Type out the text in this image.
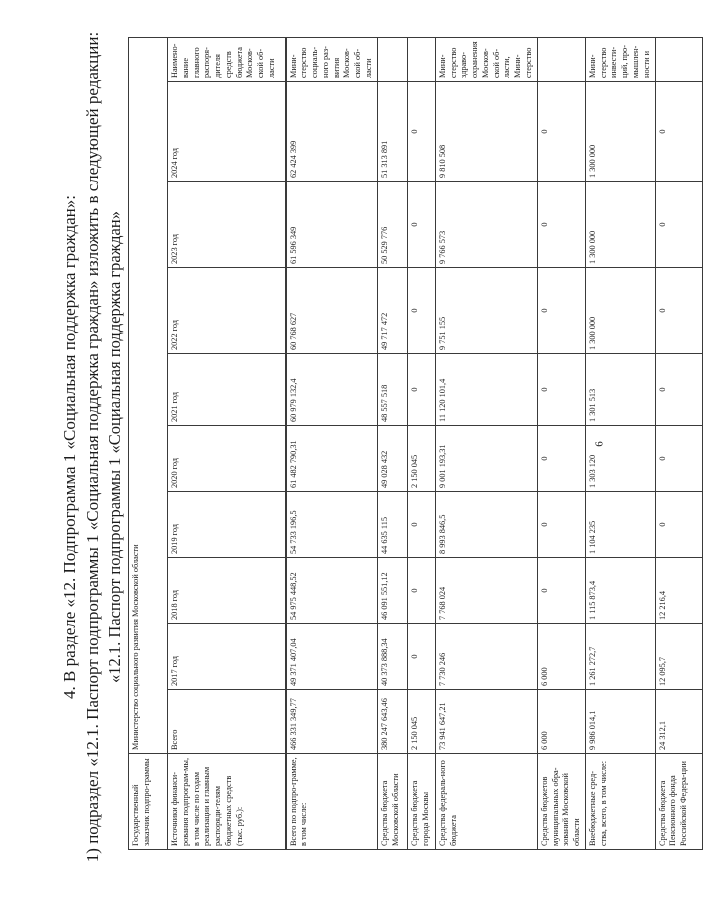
6
4. В разделе «12. Подпрограмма 1 «Социальная поддержка граждан»: 1) подраздел «12.1. Паспорт подпрограммы 1 «Социальная поддержка граждан» изложить в следующей редакции: «12.1. Паспорт подпрограммы 1 «Социальная поддержка граждан»
Государственный заказчик подпро-граммы	Министерство социального развития Московской области									
Источники финанси-рования подпрограм-мы, в том числе по годам реализации и главным распоряди-телям бюджетных средств (тыс. руб.):	Всего	2017 год	2018 год	2019 год	2020 год	2021 год	2022 год	2023 год	2024 год	Наимено-вание главного распоря-дителя средств бюджета Москов-ской об-ласти
Всего по подпро-грамме, в том числе:	466 331 349,77	49 371 407,04	54 975 448,52	54 733 196,5	61 482 790,31	60 979 132,4	60 768 627	61 596 349	62 424 399	Мини-стерство социаль-ного раз-вития Москов-ской об-ласти
Средства бюджета Московской области	380 247 643,46	40 373 888,34	46 091 551,12	44 635 115	49 028 432	48 557 518	49 717 472	50 529 776	51 313 891	
Средства бюджета города Москвы	2 150 045	0	0	0	2 150 045	0	0	0	0	
Средства федераль-ного бюджета	73 941 647,21	7 730 246	7 768 024	8 993 846,5	9 001 193,31	11 120 101,4	9 751 155	9 766 573	9 810 508	Мини-стерство здраво-охранения Москов-ской об-ласти, Мини-стерство
Средства бюджетов муниципальных обра-зований Московской области	6 000	6 000	0	0	0	0	0	0	0	
Внебюджетные сред-ства, всего, в том числе:	9 986 014,1	1 261 272,7	1 115 873,4	1 104 235	1 303 120	1 301 513	1 300 000	1 300 000	1 300 000	Мини-стерство инвести-ций, про-мышлен-ности и
Средства бюджета Пенсионного фонда Российской Федера-ции	24 312,1	12 095,7	12 216,4	0	0	0	0	0	0	
